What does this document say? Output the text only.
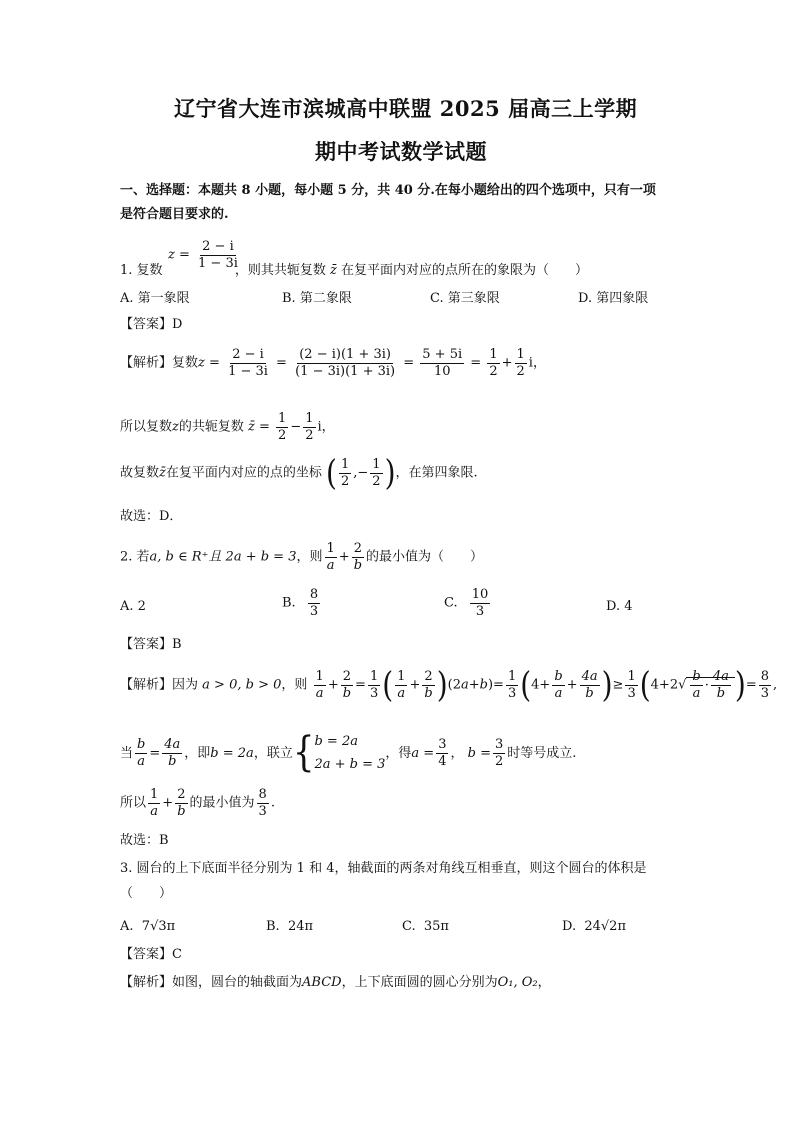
辽宁省大连市滨城高中联盟 2025 届高三上学期
期中考试数学试题
一、选择题：本题共 8 小题，每小题 5 分，共 40 分.在每小题给出的四个选项中，只有一项
是符合题目要求的.
$z = \frac{2 - i}{1 - 3i}$
1. 复数	，则其共轭复数 z̄ 在复平面内对应的点所在的象限为（　　）
A. 第一象限	B. 第二象限	C. 第三象限	D. 第四象限
【答案】D
【解析】复数$z = \frac{2 - i}{1 - 3i} = \frac{(2 - i)(1 + 3i)}{(1 - 3i)(1 + 3i)} = \frac{5 + 5i}{10} = \frac{1}{2} + \frac{1}{2}$ i，
所以复数z的共轭复数 z̄ = $\frac{1}{2} - \frac{1}{2}$ i，
故复数z̄在复平面内对应的点的坐标 ( $\frac{1}{2}$ ,− $\frac{1}{2}$ )，在第四象限.
故选：D．
2. 若a, b ∈ R⁺且 2a + b = 3，则 $\frac{1}{a} + \frac{2}{b}$ 的最小值为（　　）
A. 2	B. $\frac{8}{3}$	C. $\frac{10}{3}$	D. 4
【答案】B
【解析】因为 a > 0, b > 0，则 $\frac{1}{a} + \frac{2}{b} = \frac{1}{3}$ ( $\frac{1}{a} + \frac{2}{b} )(2a+b)= \frac{1}{3} (4+ \frac{b}{a} + \frac{4a}{b}$ )≥ $\frac{1}{3} (4+2√ \frac{b}{a} \cdot \frac{4a}{b}$ )= $\frac{8}{3}$ ,
当 $\frac{b}{a} = \frac{4a}{b}$ ，即b = 2a，联立{ b = 2a
2a + b = 3
，得$a = \frac{3}{4}$ ， $b = \frac{3}{2}$ 时等号成立.
所以 $\frac{1}{a} + \frac{2}{b}$ 的最小值为 $\frac{8}{3}$ .
故选：B
3. 圆台的上下底面半径分别为 1 和 4，轴截面的两条对角线互相垂直，则这个圆台的体积是
（　　）
A. 7√3π	B. 24π	C. 35π	D. 24√2π
【答案】C
【解析】如图，圆台的轴截面为ABCD，上下底面圆的圆心分别为O₁, O₂，
